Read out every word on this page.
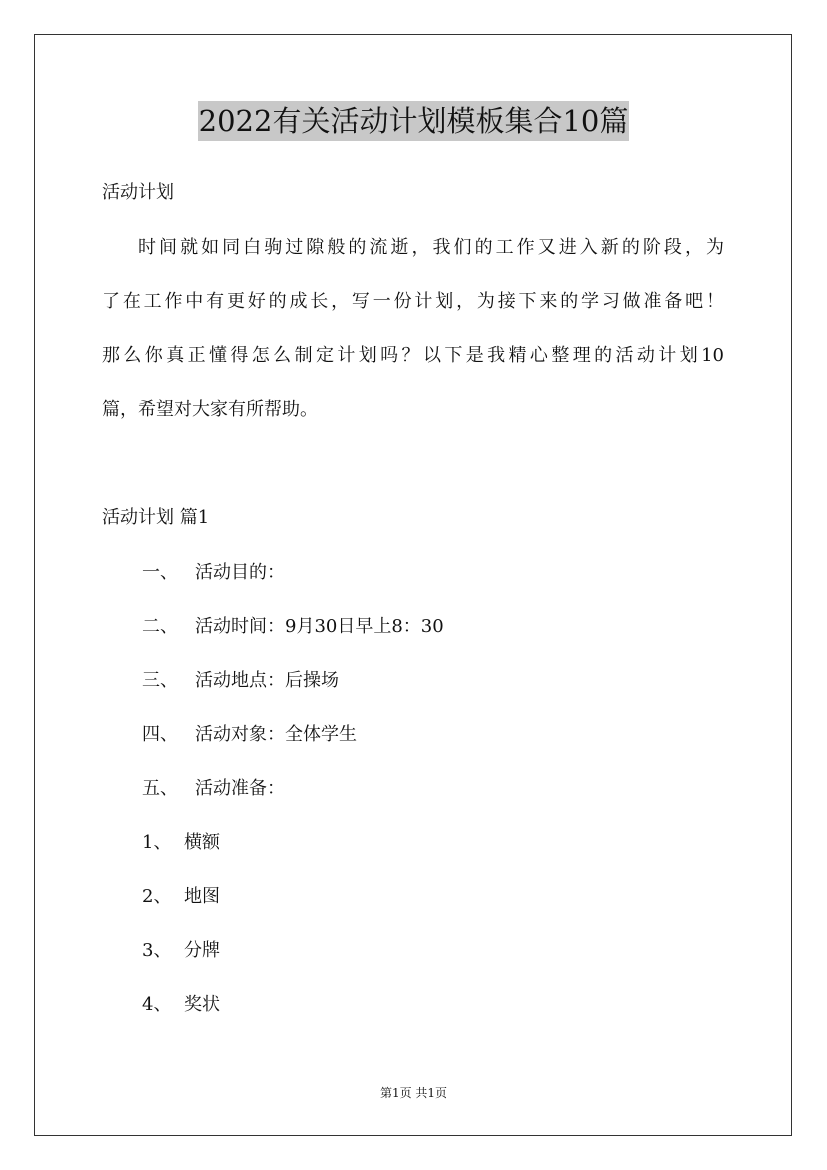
2022有关活动计划模板集合10篇
活动计划
时间就如同白驹过隙般的流逝，我们的工作又进入新的阶段，为
了在工作中有更好的成长，写一份计划，为接下来的学习做准备吧！
那么你真正懂得怎么制定计划吗？以下是我精心整理的活动计划10
篇，希望对大家有所帮助。
活动计划 篇1
一、 活动目的：
二、 活动时间：9月30日早上8：30
三、 活动地点：后操场
四、 活动对象：全体学生
五、 活动准备：
1、 横额
2、 地图
3、 分牌
4、 奖状
第1页 共1页
